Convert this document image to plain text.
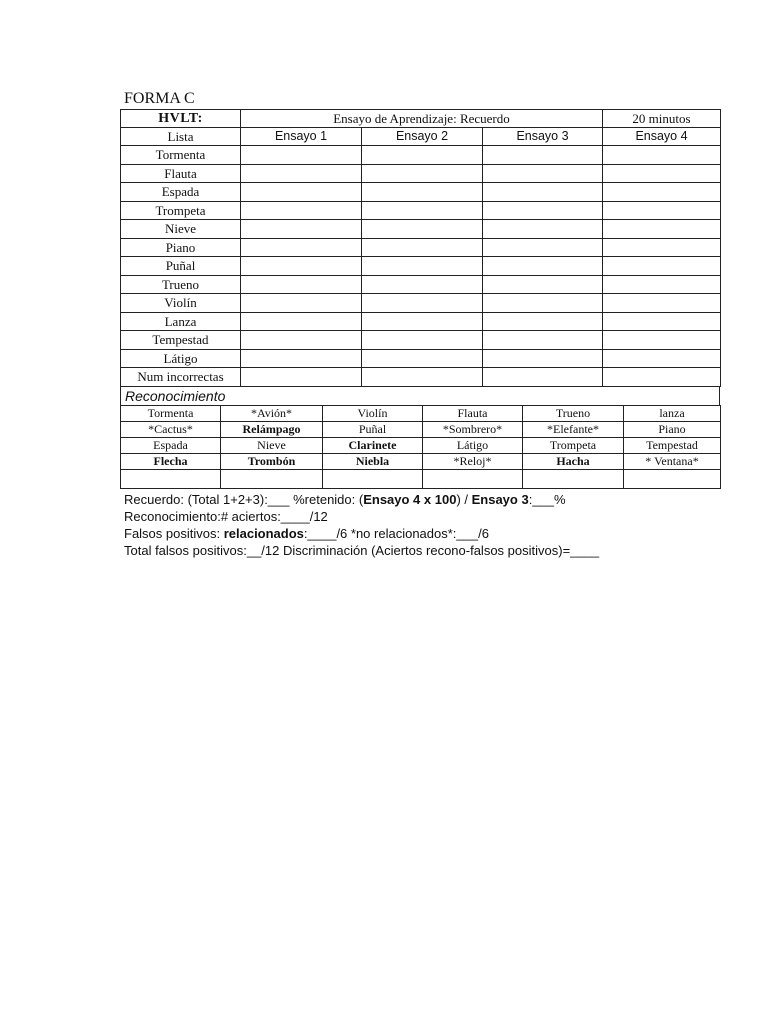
FORMA C
HVLT:	Ensayo de Aprendizaje: Recuerdo			20 minutos
Lista	Ensayo 1	Ensayo 2	Ensayo 3	Ensayo 4
Tormenta				
Flauta				
Espada				
Trompeta				
Nieve				
Piano				
Puñal				
Trueno				
Violín				
Lanza				
Tempestad				
Látigo				
Num incorrectas				
Reconocimiento
Tormenta	*Avión*	Violín	Flauta	Trueno	lanza
*Cactus*	Relámpago	Puñal	*Sombrero*	*Elefante*	Piano
Espada	Nieve	Clarinete	Látigo	Trompeta	Tempestad
Flecha	Trombón	Niebla	*Reloj*	Hacha	* Ventana*

Recuerdo: (Total 1+2+3):___ %retenido: (Ensayo 4 x 100) / Ensayo 3:___%
Reconocimiento:# aciertos:____/12
Falsos positivos: relacionados:____/6 *no relacionados*:___/6
Total falsos positivos:__/12 Discriminación (Aciertos recono-falsos positivos)=____
